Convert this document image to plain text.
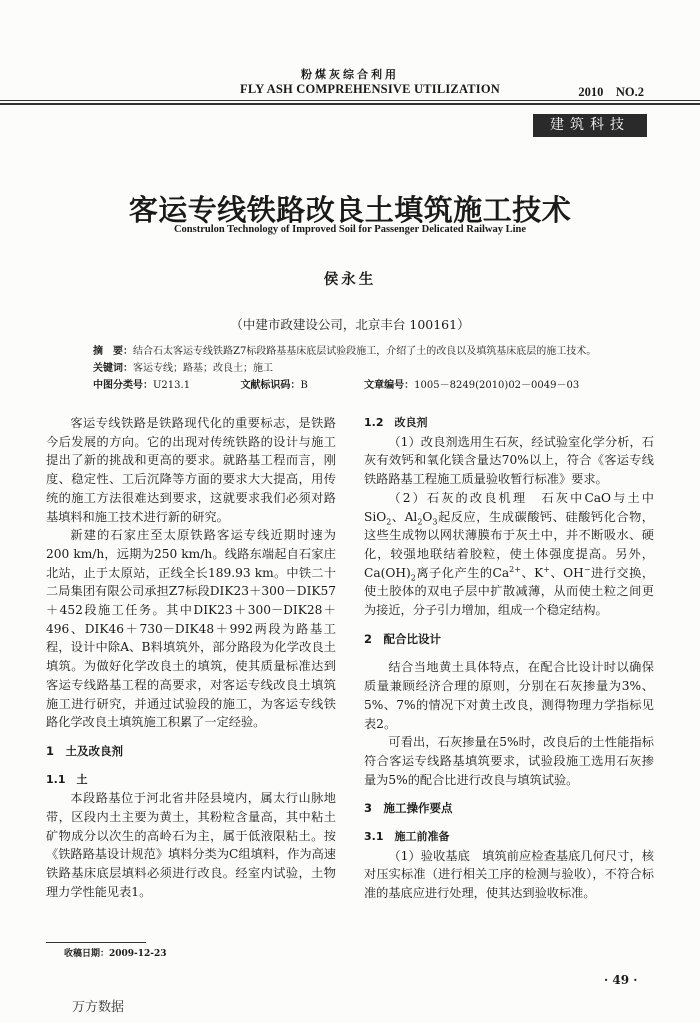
粉煤灰综合利用
FLY ASH COMPREHENSIVE UTILIZATION	2010　NO.2
建筑科技
客运专线铁路改良土填筑施工技术
Construlon Technology of Improved Soil for Passenger Delicated Railway Line
侯永生
（中建市政建设公司，北京丰台 100161）
摘　要：结合石太客运专线铁路Z7标段路基基床底层试验段施工，介绍了土的改良以及填筑基床底层的施工技术。
关键词：客运专线；路基；改良土；施工
中图分类号：U213.1	文献标识码：B	文章编号：1005－8249(2010)02－0049－03

客运专线铁路是铁路现代化的重要标志，是铁路今后发展的方向。它的出现对传统铁路的设计与施工提出了新的挑战和更高的要求。就路基工程而言，刚度、稳定性、工后沉降等方面的要求大大提高，用传统的施工方法很难达到要求，这就要求我们必须对路基填料和施工技术进行新的研究。

新建的石家庄至太原铁路客运专线近期时速为200 km/h，远期为250 km/h。线路东端起自石家庄北站，止于太原站，正线全长189.93 km。中铁二十二局集团有限公司承担Z7标段DIK23＋300－DIK57＋452段施工任务。其中DIK23＋300－DIK28＋496、DIK46＋730－DIK48＋992两段为路基工程，设计中除A、B料填筑外，部分路段为化学改良土填筑。为做好化学改良土的填筑，使其质量标准达到客运专线路基工程的高要求，对客运专线改良土填筑施工进行研究，并通过试验段的施工，为客运专线铁路化学改良土填筑施工积累了一定经验。

1　土及改良剂

1.1　土

本段路基位于河北省井陉县境内，属太行山脉地带，区段内土主要为黄土，其粉粒含量高，其中粘土矿物成分以次生的高岭石为主，属于低液限粘土。按《铁路路基设计规范》填料分类为C组填料，作为高速铁路基床底层填料必须进行改良。经室内试验，土物理力学性能见表1。

1.2　改良剂

（1）改良剂选用生石灰，经试验室化学分析，石灰有效钙和氧化镁含量达70%以上，符合《客运专线铁路路基工程施工质量验收暂行标准》要求。

（2）石灰的改良机理　石灰中CaO与土中SiO$_2$、$Al_2O_3$起反应，生成碳酸钙、硅酸钙化合物，这些生成物以网状薄膜布于灰土中，并不断吸水、硬化，较强地联结着胶粒，使土体强度提高。另外，$Ca(OH)_2$离子化产生的$Ca^{2+}$、K+、OH−进行交换，使土胶体的双电子层中扩散减薄，从而使土粒之间更为接近，分子引力增加，组成一个稳定结构。

2　配合比设计

结合当地黄土具体特点，在配合比设计时以确保质量兼顾经济合理的原则，分别在石灰掺量为3%、5%、7%的情况下对黄土改良，测得物理力学指标见表2。

可看出，石灰掺量在5%时，改良后的土性能指标符合客运专线路基填筑要求，试验段施工选用石灰掺量为5%的配合比进行改良与填筑试验。

3　施工操作要点

3.1　施工前准备

（1）验收基底　填筑前应检查基底几何尺寸，核对压实标准（进行相关工序的检测与验收），不符合标准的基底应进行处理，使其达到验收标准。

收稿日期：2009-12-23
· 49 ·
万方数据
